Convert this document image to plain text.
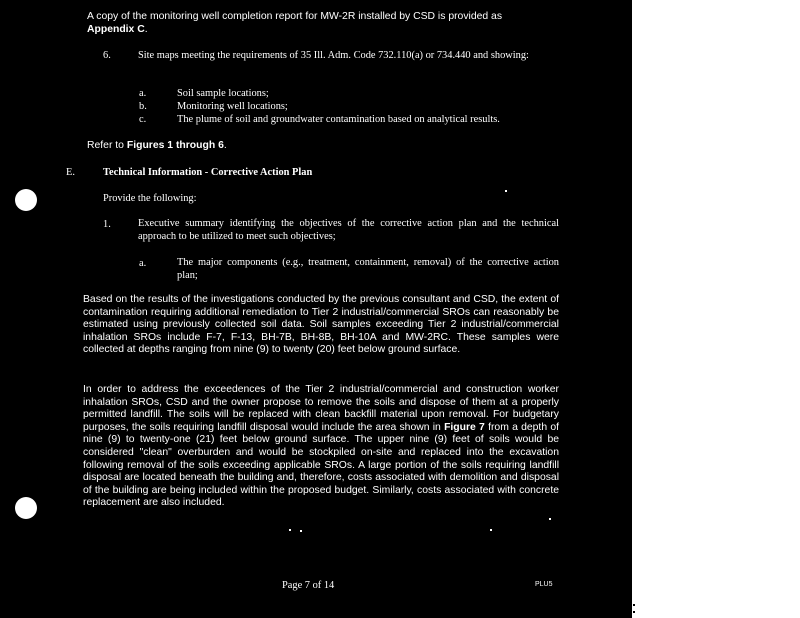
A copy of the monitoring well completion report for MW-2R installed by CSD is provided as
Appendix C.
6.	Site maps meeting the requirements of 35 Ill. Adm. Code 732.110(a) or 734.440 and showing:
a.	Soil sample locations;
b.	Monitoring well locations;
c.	The plume of soil and groundwater contamination based on analytical results.
Refer to Figures 1 through 6.
E.	Technical Information - Corrective Action Plan
Provide the following:
1.	Executive summary identifying the objectives of the corrective action plan and the technical approach to be utilized to meet such objectives;
a.	The major components (e.g., treatment, containment, removal) of the corrective action plan;
Based on the results of the investigations conducted by the previous consultant and CSD, the extent of contamination requiring additional remediation to Tier 2 industrial/commercial SROs can reasonably be estimated using previously collected soil data. Soil samples exceeding Tier 2 industrial/commercial inhalation SROs include F-7, F-13, BH-7B, BH-8B, BH-10A and MW-2RC. These samples were collected at depths ranging from nine (9) to twenty (20) feet below ground surface.
In order to address the exceedences of the Tier 2 industrial/commercial and construction worker inhalation SROs, CSD and the owner propose to remove the soils and dispose of them at a properly permitted landfill. The soils will be replaced with clean backfill material upon removal. For budgetary purposes, the soils requiring landfill disposal would include the area shown in Figure 7 from a depth of nine (9) to twenty-one (21) feet below ground surface. The upper nine (9) feet of soils would be considered "clean" overburden and would be stockpiled on-site and replaced into the excavation following removal of the soils exceeding applicable SROs. A large portion of the soils requiring landfill disposal are located beneath the building and, therefore, costs associated with demolition and disposal of the building are being included within the proposed budget. Similarly, costs associated with concrete replacement are also included.
Page 7 of 14	PLU5
